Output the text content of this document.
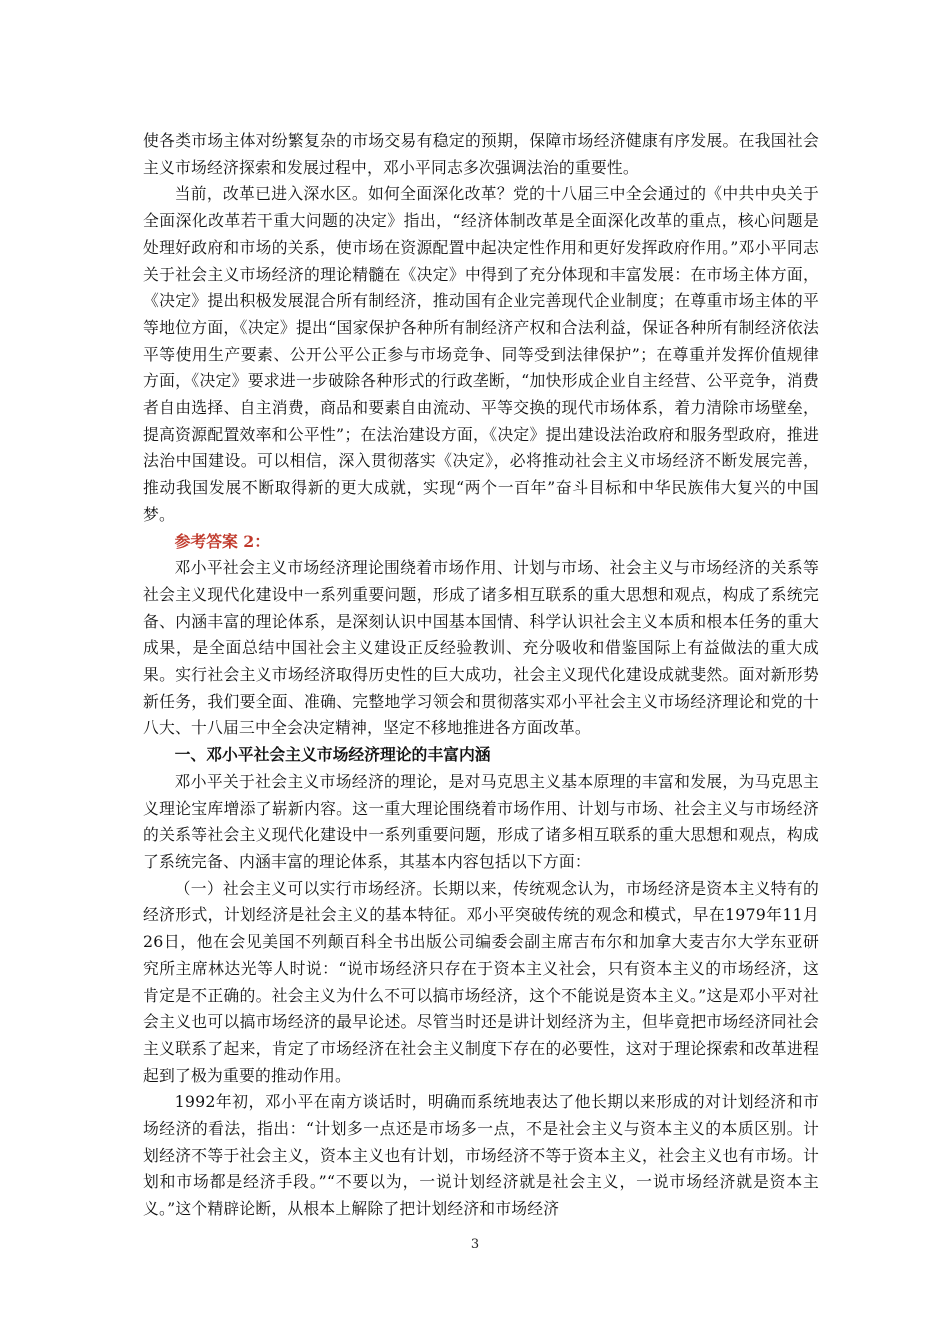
使各类市场主体对纷繁复杂的市场交易有稳定的预期，保障市场经济健康有序发展。在我国社会主义市场经济探索和发展过程中，邓小平同志多次强调法治的重要性。

当前，改革已进入深水区。如何全面深化改革？党的十八届三中全会通过的《中共中央关于全面深化改革若干重大问题的决定》指出，“经济体制改革是全面深化改革的重点，核心问题是处理好政府和市场的关系，使市场在资源配置中起决定性作用和更好发挥政府作用。”邓小平同志关于社会主义市场经济的理论精髓在《决定》中得到了充分体现和丰富发展：在市场主体方面，《决定》提出积极发展混合所有制经济，推动国有企业完善现代企业制度；在尊重市场主体的平等地位方面，《决定》提出“国家保护各种所有制经济产权和合法利益，保证各种所有制经济依法平等使用生产要素、公开公平公正参与市场竞争、同等受到法律保护”；在尊重并发挥价值规律方面，《决定》要求进一步破除各种形式的行政垄断，“加快形成企业自主经营、公平竞争，消费者自由选择、自主消费，商品和要素自由流动、平等交换的现代市场体系，着力清除市场壁垒，提高资源配置效率和公平性”；在法治建设方面，《决定》提出建设法治政府和服务型政府，推进法治中国建设。可以相信，深入贯彻落实《决定》，必将推动社会主义市场经济不断发展完善，推动我国发展不断取得新的更大成就，实现“两个一百年”奋斗目标和中华民族伟大复兴的中国梦。

参考答案 2：

邓小平社会主义市场经济理论围绕着市场作用、计划与市场、社会主义与市场经济的关系等社会主义现代化建设中一系列重要问题，形成了诸多相互联系的重大思想和观点，构成了系统完备、内涵丰富的理论体系，是深刻认识中国基本国情、科学认识社会主义本质和根本任务的重大成果，是全面总结中国社会主义建设正反经验教训、充分吸收和借鉴国际上有益做法的重大成果。实行社会主义市场经济取得历史性的巨大成功，社会主义现代化建设成就斐然。面对新形势新任务，我们要全面、准确、完整地学习领会和贯彻落实邓小平社会主义市场经济理论和党的十八大、十八届三中全会决定精神，坚定不移地推进各方面改革。

一、邓小平社会主义市场经济理论的丰富内涵

邓小平关于社会主义市场经济的理论，是对马克思主义基本原理的丰富和发展，为马克思主义理论宝库增添了崭新内容。这一重大理论围绕着市场作用、计划与市场、社会主义与市场经济的关系等社会主义现代化建设中一系列重要问题，形成了诸多相互联系的重大思想和观点，构成了系统完备、内涵丰富的理论体系，其基本内容包括以下方面：

（一）社会主义可以实行市场经济。长期以来，传统观念认为，市场经济是资本主义特有的经济形式，计划经济是社会主义的基本特征。邓小平突破传统的观念和模式，早在1979年11月26日，他在会见美国不列颠百科全书出版公司编委会副主席吉布尔和加拿大麦吉尔大学东亚研究所主席林达光等人时说：“说市场经济只存在于资本主义社会，只有资本主义的市场经济，这肯定是不正确的。社会主义为什么不可以搞市场经济，这个不能说是资本主义。”这是邓小平对社会主义也可以搞市场经济的最早论述。尽管当时还是讲计划经济为主，但毕竟把市场经济同社会主义联系了起来，肯定了市场经济在社会主义制度下存在的必要性，这对于理论探索和改革进程起到了极为重要的推动作用。

1992年初，邓小平在南方谈话时，明确而系统地表达了他长期以来形成的对计划经济和市场经济的看法，指出：“计划多一点还是市场多一点，不是社会主义与资本主义的本质区别。计划经济不等于社会主义，资本主义也有计划，市场经济不等于资本主义，社会主义也有市场。计划和市场都是经济手段。”“不要以为，一说计划经济就是社会主义，一说市场经济就是资本主义。”这个精辟论断，从根本上解除了把计划经济和市场经济

3
